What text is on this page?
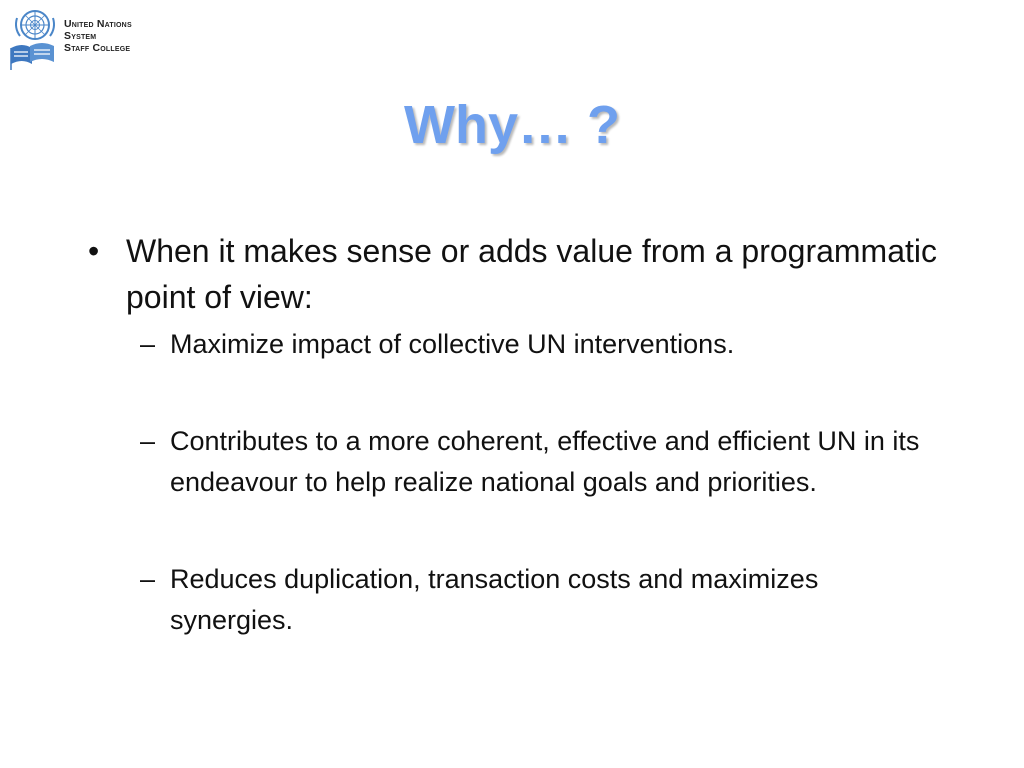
United Nations
System
Staff College
Why… ?
• When it makes sense or adds value from a programmatic point of view:
– Maximize impact of collective UN interventions.
– Contributes to a more coherent, effective and efficient UN in its endeavour to help realize national goals and priorities.
– Reduces duplication, transaction costs and maximizes synergies.
